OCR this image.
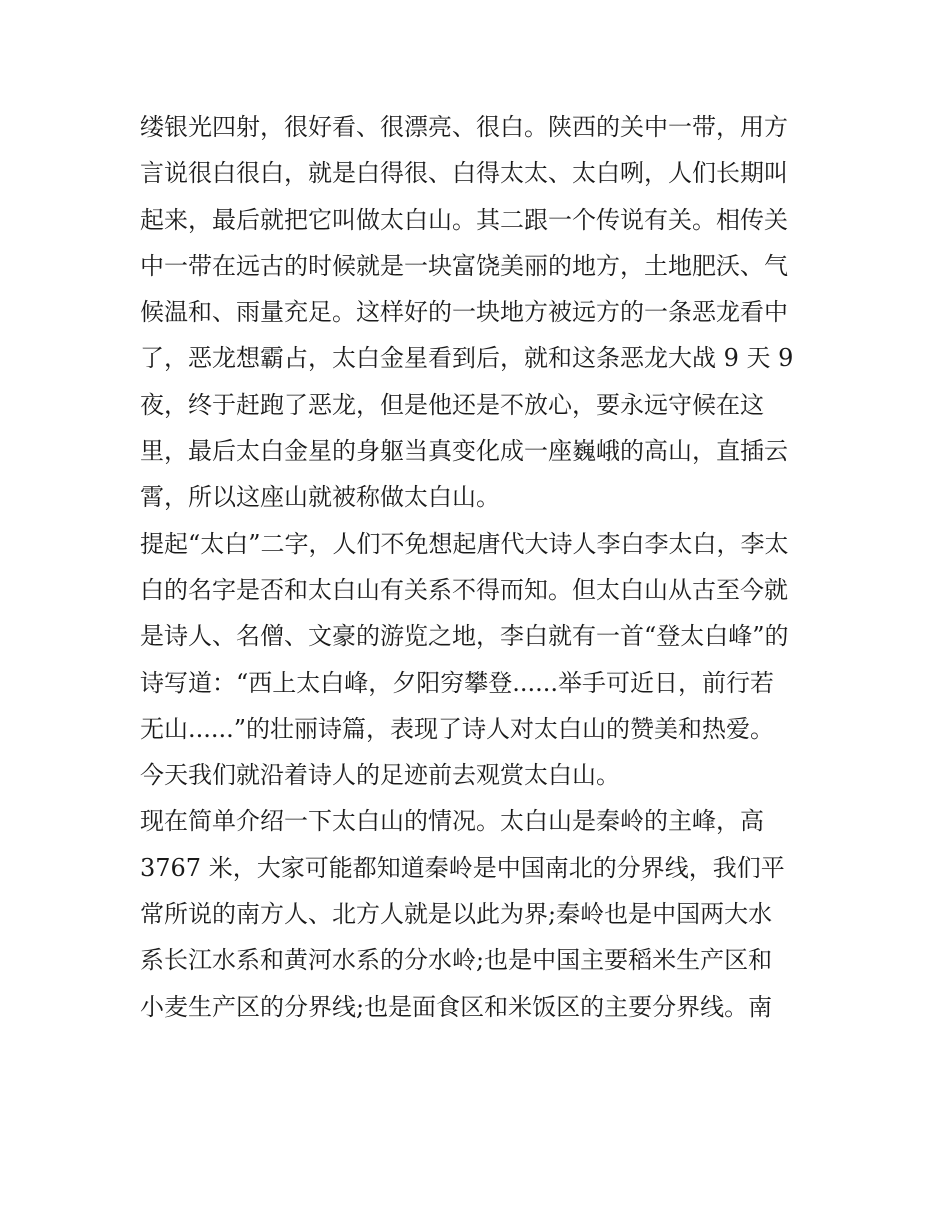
缕银光四射，很好看、很漂亮、很白。陕西的关中一带，用方
言说很白很白，就是白得很、白得太太、太白咧，人们长期叫
起来，最后就把它叫做太白山。其二跟一个传说有关。相传关
中一带在远古的时候就是一块富饶美丽的地方，土地肥沃、气
候温和、雨量充足。这样好的一块地方被远方的一条恶龙看中
了，恶龙想霸占，太白金星看到后，就和这条恶龙大战 9 天 9
夜，终于赶跑了恶龙，但是他还是不放心，要永远守候在这
里，最后太白金星的身躯当真变化成一座巍峨的高山，直插云
霄，所以这座山就被称做太白山。
提起“太白”二字，人们不免想起唐代大诗人李白李太白，李太
白的名字是否和太白山有关系不得而知。但太白山从古至今就
是诗人、名僧、文豪的游览之地，李白就有一首“登太白峰”的
诗写道：“西上太白峰，夕阳穷攀登......举手可近日，前行若
无山......”的壮丽诗篇，表现了诗人对太白山的赞美和热爱。
今天我们就沿着诗人的足迹前去观赏太白山。
现在简单介绍一下太白山的情况。太白山是秦岭的主峰，高
3767 米，大家可能都知道秦岭是中国南北的分界线，我们平
常所说的南方人、北方人就是以此为界;秦岭也是中国两大水
系长江水系和黄河水系的分水岭;也是中国主要稻米生产区和
小麦生产区的分界线;也是面食区和米饭区的主要分界线。南
